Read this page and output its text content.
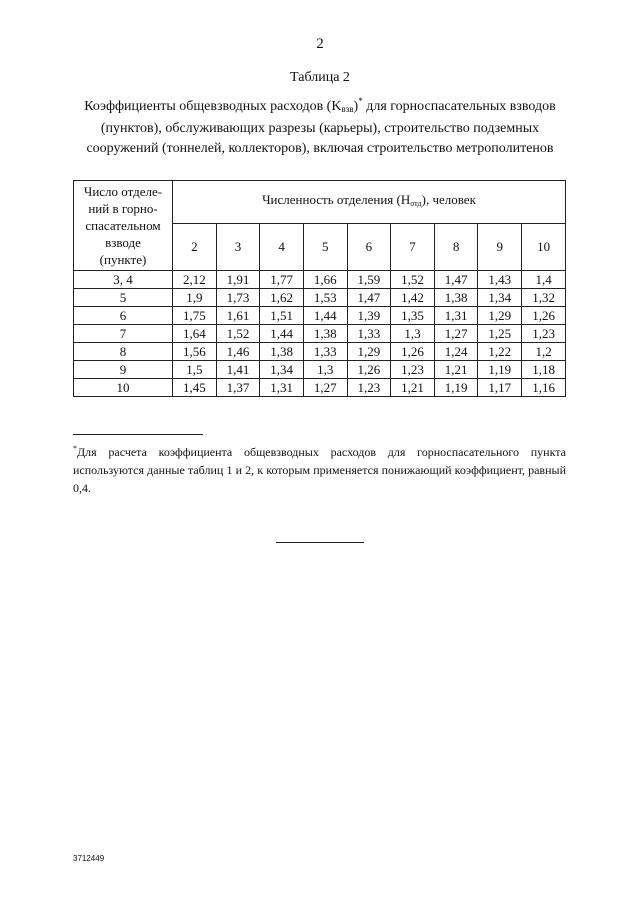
2
Таблица 2
Коэффициенты общевзводных расходов $(K_{взв})^*$ для горноспасательных взводов (пунктов), обслуживающих разрезы (карьеры), строительство подземных сооружений (тоннелей, коллекторов), включая строительство метрополитенов
Число отделе-
ний в горно-
спасательном
взводе
(пункте)	Численность отделения $(Н_{отд})$, человек								
	2	3	4	5	6	7	8	9	10
3, 4	2,12	1,91	1,77	1,66	1,59	1,52	1,47	1,43	1,4
5	1,9	1,73	1,62	1,53	1,47	1,42	1,38	1,34	1,32
6	1,75	1,61	1,51	1,44	1,39	1,35	1,31	1,29	1,26
7	1,64	1,52	1,44	1,38	1,33	1,3	1,27	1,25	1,23
8	1,56	1,46	1,38	1,33	1,29	1,26	1,24	1,22	1,2
9	1,5	1,41	1,34	1,3	1,26	1,23	1,21	1,19	1,18
10	1,45	1,37	1,31	1,27	1,23	1,21	1,19	1,17	1,16
*Для расчета коэффициента общевзводных расходов для горноспасательного пункта используются данные таблиц 1 и 2, к которым применяется понижающий коэффициент, равный 0,4.
3712449
